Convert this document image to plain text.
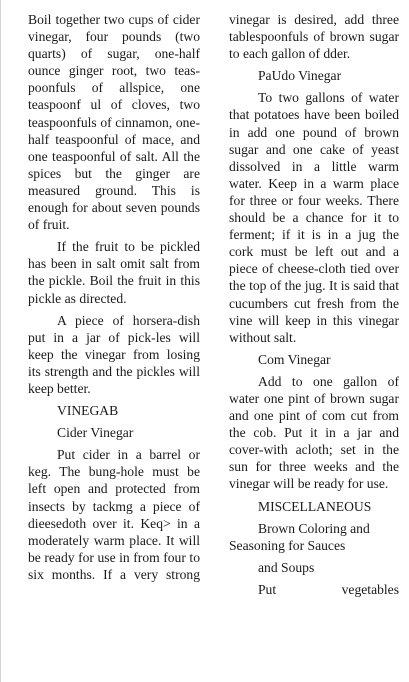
Boil together two cups of cider vinegar, four pounds (two quarts) of sugar, one-half ounce ginger root, two teas-poonfuls of allspice, one teaspoonf ul of cloves, two teaspoonfuls of cinnamon, one-half teaspoonful of mace, and one teaspoonful of salt. All the spices but the ginger are measured ground. This is enough for about seven pounds of fruit.

If the fruit to be pickled has been in salt omit salt from the pickle. Boil the fruit in this pickle as directed.

A piece of horsera-dish put in a jar of pick-les will keep the vinegar from losing its strength and the pickles will keep better.

VINEGAB

Cider Vinegar

Put cider in a barrel or keg. The bung-hole must be left open and protected from insects by tackmg a piece of dieesedoth over it. Keq> in a moderately warm place. It will be ready for use in from four to six months. If a very strong

vinegar is desired, add three tablespoonfuls of brown sugar to each gallon of dder.

PaUdo Vinegar

To two gallons of water that potatoes have been boiled in add one pound of brown sugar and one cake of yeast dissolved in a little warm water. Keep in a warm place for three or four weeks. There should be a chance for it to ferment; if it is in a jug the cork must be left out and a piece of cheese-cloth tied over the top of the jug. It is said that cucumbers cut fresh from the vine will keep in this vinegar without salt.

Com Vinegar

Add to one gallon of water one pint of brown sugar and one pint of com cut from the cob. Put it in a jar and cover-with acloth; set in the sun for three weeks and the vinegar will be ready for use.

MISCELLANEOUS

Brown Coloring and Seasoning for Sauces

and Soups

Put vegetables
